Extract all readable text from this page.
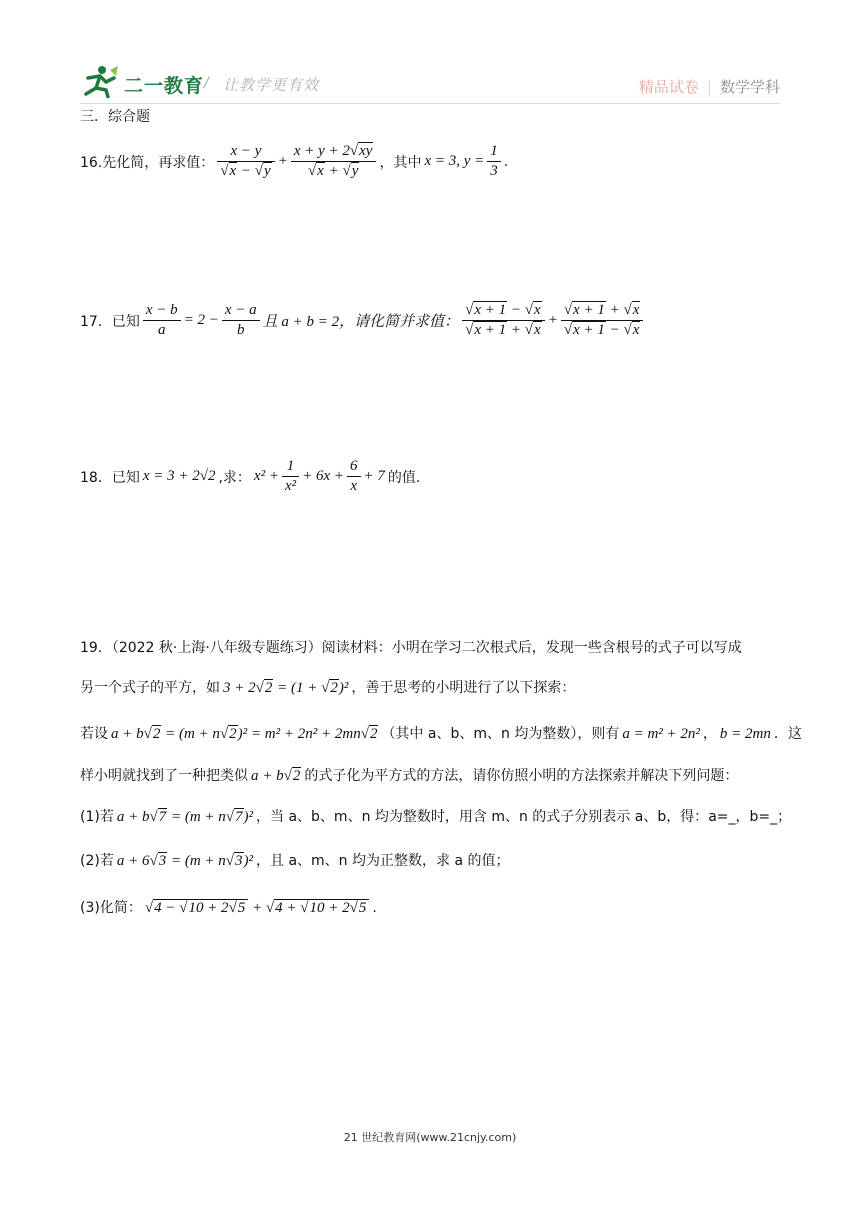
二一教育 / 让教学更有效	精品试卷 | 数学学科
三．综合题
16.先化简，再求值： $\frac{x - y}{√x - √y} + \frac{x + y + 2√xy}{√x + √y}$ ，其中 x = 3, $y = \frac{1}{3}$ .
17．已知 $\frac{x - b}{a} = 2 - \frac{x - a}{b}$ 且 a + b = 2，请化简并求值： $\frac{√x + 1 - √x}{√x + 1 + √x} + \frac{√x + 1 + √x}{√x + 1 - √x}$
18．已知 x = 3 + 2√2 ,求： $x^2 + \frac{1}{\text{x²}} + 6x + \frac{6}{x} + 7$ 的值.
19．（2022 秋·上海·八年级专题练习）阅读材料：小明在学习二次根式后，发现一些含根号的式子可以写成
另一个式子的平方，如 3 + 2√2 = (1 + √2)² ，善于思考的小明进行了以下探索：
若设 a + b√2 = (m + n√2)² = m² + 2n² + 2mn√2 （其中 a、b、m、n 均为整数），则有 a = m² + 2n² ， b = 2mn ．这
样小明就找到了一种把类似 a + b√2 的式子化为平方式的方法，请你仿照小明的方法探索并解决下列问题：
(1)若 a + b√7 = (m + n√7)² ，当 a、b、m、n 均为整数时，用含 m、n 的式子分别表示 a、b，得：a=_，b=_；
(2)若 a + 6√3 = (m + n√3)² ，且 a、m、n 均为正整数，求 a 的值；
(3)化简： √4 − √10 + 2√5 + √4 + √10 + 2√5 .
21 世纪教育网(www.21cnjy.com)
